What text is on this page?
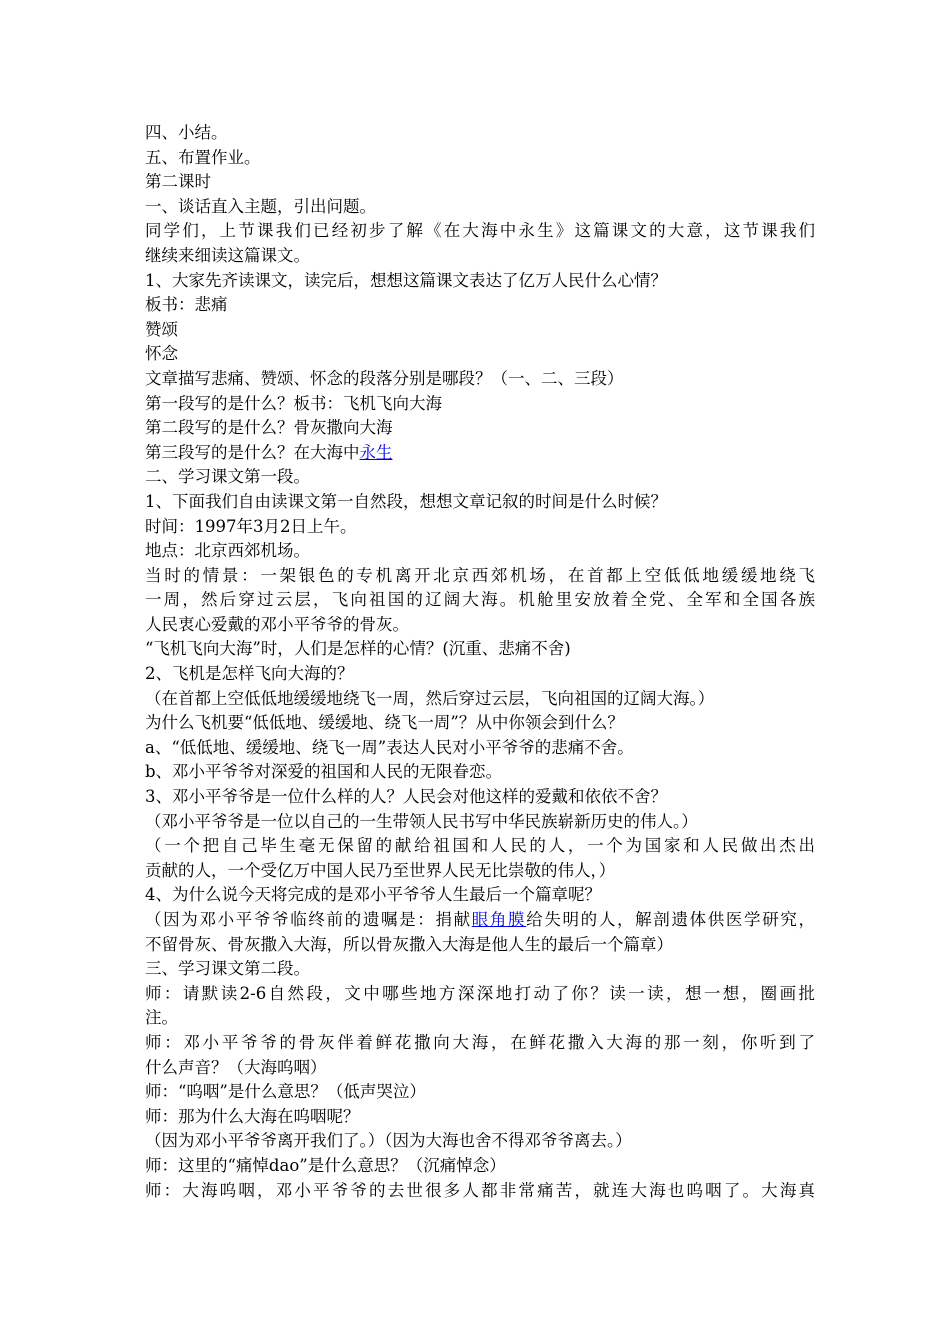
四、小结。
五、布置作业。
第二课时
一、谈话直入主题，引出问题。
同学们，上节课我们已经初步了解《在大海中永生》这篇课文的大意，这节课我们
继续来细读这篇课文。
1、大家先齐读课文，读完后，想想这篇课文表达了亿万人民什么心情？
板书：悲痛
赞颂
怀念
文章描写悲痛、赞颂、怀念的段落分别是哪段？（一、二、三段）
第一段写的是什么？板书：飞机飞向大海
第二段写的是什么？骨灰撒向大海
第三段写的是什么？在大海中永生
二、学习课文第一段。
1、下面我们自由读课文第一自然段，想想文章记叙的时间是什么时候？
时间：1997年3月2日上午。
地点：北京西郊机场。
当时的情景：一架银色的专机离开北京西郊机场，在首都上空低低地缓缓地绕飞
一周，然后穿过云层，飞向祖国的辽阔大海。机舱里安放着全党、全军和全国各族
人民衷心爱戴的邓小平爷爷的骨灰。
“飞机飞向大海”时，人们是怎样的心情？(沉重、悲痛不舍)
2、飞机是怎样飞向大海的？
（在首都上空低低地缓缓地绕飞一周，然后穿过云层，飞向祖国的辽阔大海。）
为什么飞机要“低低地、缓缓地、绕飞一周”？从中你领会到什么？
a、“低低地、缓缓地、绕飞一周”表达人民对小平爷爷的悲痛不舍。
b、邓小平爷爷对深爱的祖国和人民的无限眷恋。
3、邓小平爷爷是一位什么样的人？人民会对他这样的爱戴和依依不舍？
（邓小平爷爷是一位以自己的一生带领人民书写中华民族崭新历史的伟人。）
（一个把自己毕生毫无保留的献给祖国和人民的人，一个为国家和人民做出杰出
贡献的人，一个受亿万中国人民乃至世界人民无比崇敬的伟人，）
4、为什么说今天将完成的是邓小平爷爷人生最后一个篇章呢？
（因为邓小平爷爷临终前的遗嘱是：捐献眼角膜给失明的人，解剖遗体供医学研究，
不留骨灰、骨灰撒入大海，所以骨灰撒入大海是他人生的最后一个篇章）
三、学习课文第二段。
师：请默读2-6自然段，文中哪些地方深深地打动了你？读一读，想一想，圈画批
注。
师：邓小平爷爷的骨灰伴着鲜花撒向大海，在鲜花撒入大海的那一刻，你听到了
什么声音？（大海呜咽）
师：“呜咽”是什么意思？（低声哭泣）
师：那为什么大海在呜咽呢？
（因为邓小平爷爷离开我们了。）（因为大海也舍不得邓爷爷离去。）
师：这里的“痛悼dao”是什么意思？（沉痛悼念）
师：大海呜咽，邓小平爷爷的去世很多人都非常痛苦，就连大海也呜咽了。大海真
